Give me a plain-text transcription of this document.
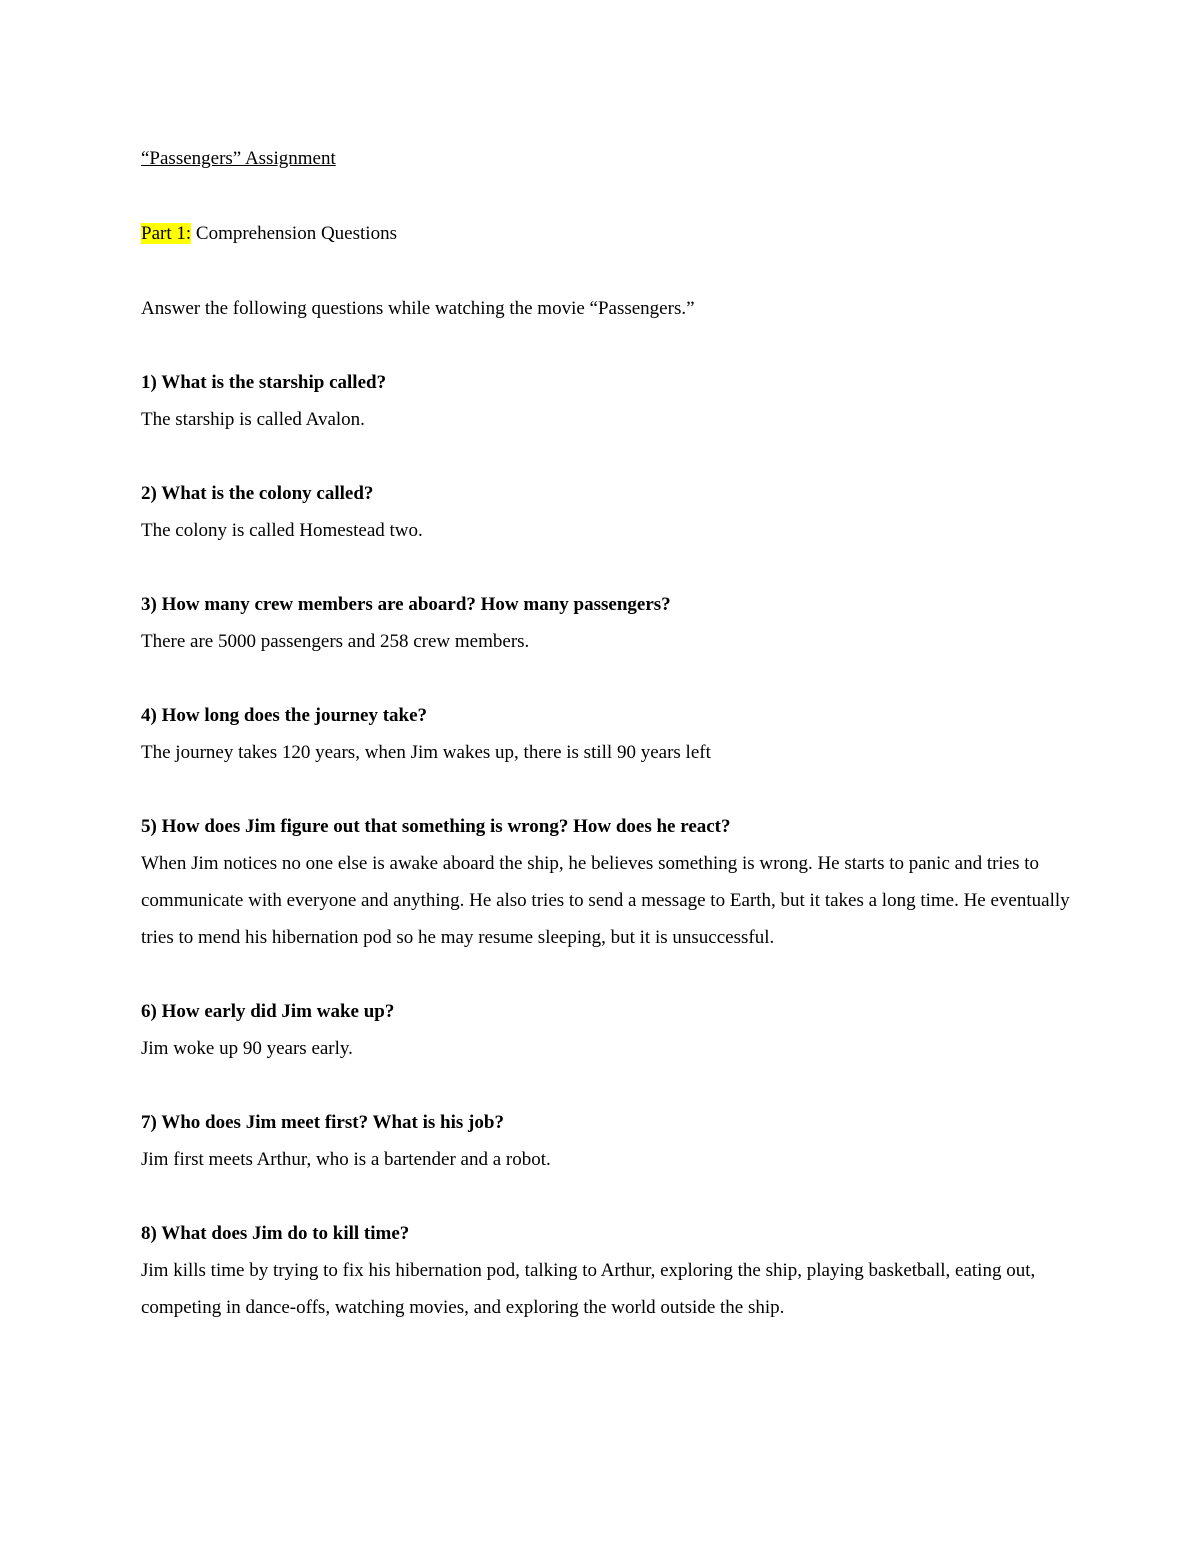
“Passengers” Assignment

Part 1: Comprehension Questions

Answer the following questions while watching the movie “Passengers.”

1) What is the starship called?

The starship is called Avalon.

2) What is the colony called?

The colony is called Homestead two.

3) How many crew members are aboard? How many passengers?

There are 5000 passengers and 258 crew members.

4) How long does the journey take?

The journey takes 120 years, when Jim wakes up, there is still 90 years left

5) How does Jim figure out that something is wrong? How does he react?

When Jim notices no one else is awake aboard the ship, he believes something is wrong. He starts to panic and tries to communicate with everyone and anything. He also tries to send a message to Earth, but it takes a long time. He eventually tries to mend his hibernation pod so he may resume sleeping, but it is unsuccessful.

6) How early did Jim wake up?

Jim woke up 90 years early.

7) Who does Jim meet first? What is his job?

Jim first meets Arthur, who is a bartender and a robot.

8) What does Jim do to kill time?

Jim kills time by trying to fix his hibernation pod, talking to Arthur, exploring the ship, playing basketball, eating out, competing in dance-offs, watching movies, and exploring the world outside the ship.
